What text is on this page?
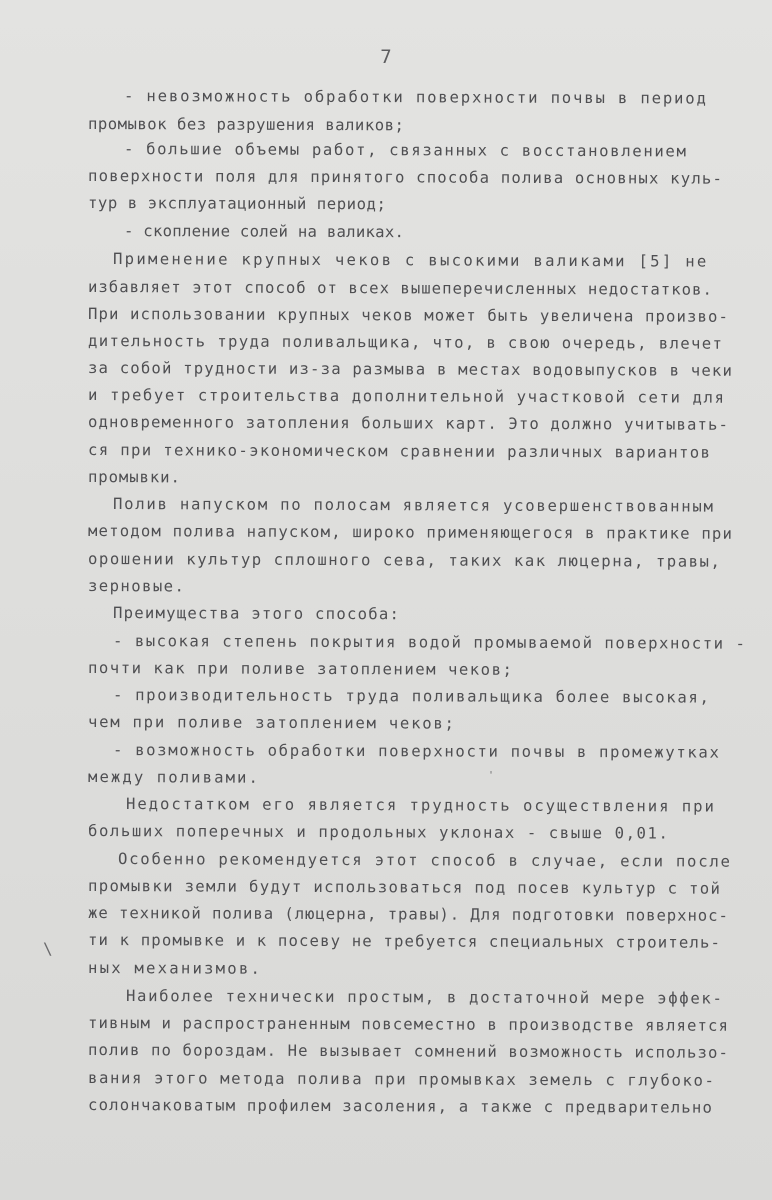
7
- невозможность обработки поверхности почвы в период
промывок без разрушения валиков;
- большие объемы работ, связанных с восстановлением
поверхности поля для принятого способа полива основных куль-
тур в эксплуатационный период;
- скопление солей на валиках.
Применение крупных чеков с высокими валиками [5] не
избавляет этот способ от всех вышеперечисленных недостатков.
При использовании крупных чеков может быть увеличена произво-
дительность труда поливальщика, что, в свою очередь, влечет
за собой трудности из-за размыва в местах водовыпусков в чеки
и требует строительства дополнительной участковой сети для
одновременного затопления больших карт. Это должно учитывать-
ся при технико-экономическом сравнении различных вариантов
промывки.
Полив напуском по полосам является усовершенствованным
методом полива напуском, широко применяющегося в практике при
орошении культур сплошного сева, таких как люцерна, травы,
зерновые.
Преимущества этого способа:
- высокая степень покрытия водой промываемой поверхности -
почти как при поливе затоплением чеков;
- производительность труда поливальщика более высокая,
чем при поливе затоплением чеков;
- возможность обработки поверхности почвы в промежутках
между поливами.
Недостатком его является трудность осуществления при
больших поперечных и продольных уклонах - свыше 0,01.
Особенно рекомендуется этот способ в случае, если после
промывки земли будут использоваться под посев культур с той
же техникой полива (люцерна, травы). Для подготовки поверхнос-
ти к промывке и к посеву не требуется специальных строитель-
ных механизмов.
Наиболее технически простым, в достаточной мере эффек-
тивным и распространенным повсеместно в производстве является
полив по бороздам. Не вызывает сомнений возможность использо-
вания этого метода полива при промывках земель с глубоко-
солончаковатым профилем засоления, а также с предварительно
\
'
